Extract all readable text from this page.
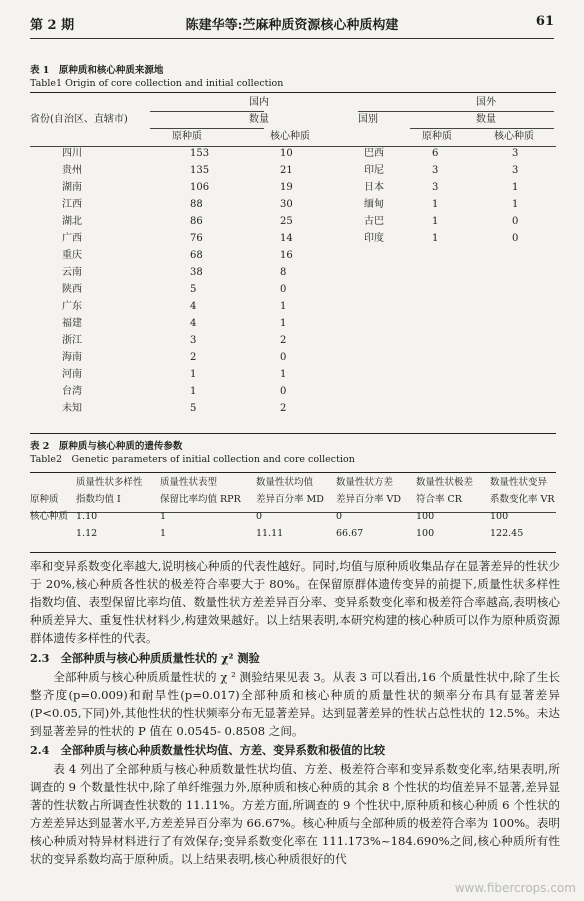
第 2 期	陈建华等:苎麻种质资源核心种质构建	61
表 1　原种质和核心种质来源地
Table1 Origin of core collection and initial collection
	国内			国外	
省份(自治区、直辖市)	数量		国别	数量	
	原种质	核心种质		原种质	核心种质
四川	153	10	巴西	6	3
贵州	135	21	印尼	3	3
湖南	106	19	日本	3	1
江西	88	30	缅甸	1	1
湖北	86	25	古巴	1	0
广西	76	14	印度	1	0
重庆	68	16			
云南	38	8			
陕西	5	0			
广东	4	1			
福建	4	1			
浙江	3	2			
海南	2	0			
河南	1	1			
台湾	1	0			
未知	5	2			
表 2　原种质与核心种质的遗传参数
Table2　Genetic parameters of initial collection and core collection
	质量性状多样性	质量性状表型	数量性状均值	数量性状方差	数量性状极差	数量性状变异
原种质	指数均值 I	保留比率均值 RPR	差异百分率 MD	差异百分率 VD	符合率 CR	系数变化率 VR
核心种质	1.10	1	0	0	100	100
	1.12	1	11.11	66.67	100	122.45
率和变异系数变化率越大,说明核心种质的代表性越好。同时,均值与原种质收集品存在显著差异的性状少于 20%,核心种质各性状的极差符合率要大于 80%。在保留原群体遗传变异的前提下,质量性状多样性指数均值、表型保留比率均值、数量性状方差差异百分率、变异系数变化率和极差符合率越高,表明核心种质差异大、重复性状材料少,构建效果越好。以上结果表明,本研究构建的核心种质可以作为原种质资源群体遗传多样性的代表。
2.3　全部种质与核心种质质量性状的 χ² 测验
全部种质与核心种质质量性状的 χ ² 测验结果见表 3。从表 3 可以看出,16 个质量性状中,除了生长整齐度(p=0.009)和耐旱性(p=0.017)全部种质和核心种质的质量性状的频率分布具有显著差异(P<0.05,下同)外,其他性状的性状频率分布无显著差异。达到显著差异的性状占总性状的 12.5%。未达到显著差异的性状的 P 值在 0.0545- 0.8508 之间。
2.4　全部种质与核心种质数量性状均值、方差、变异系数和极值的比较
表 4 列出了全部种质与核心种质数量性状均值、方差、极差符合率和变异系数变化率,结果表明,所调查的 9 个数量性状中,除了单纤维强力外,原种质和核心种质的其余 8 个性状的均值差异不显著,差异显著的性状数占所调查性状数的 11.11%。方差方面,所调查的 9 个性状中,原种质和核心种质 6 个性状的方差差异达到显著水平,方差差异百分率为 66.67%。核心种质与全部种质的极差符合率为 100%。表明核心种质对特异材料进行了有效保存;变异系数变化率在 111.173%~184.690%之间,核心种质所有性状的变异系数均高于原种质。以上结果表明,核心种质很好的代
www.fibercrops.com
